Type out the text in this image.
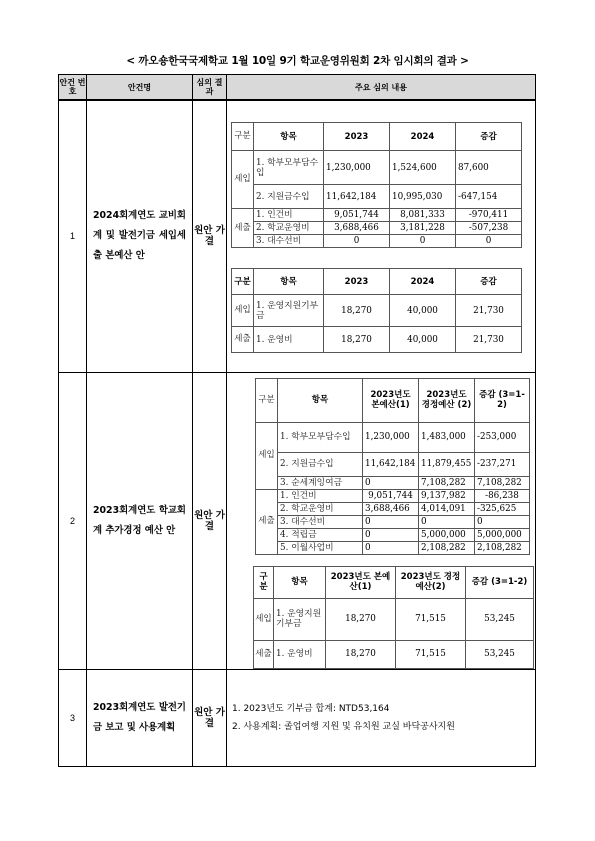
< 까오숑한국국제학교 1월 10일 9기 학교운영위원회 2차 임시회의 결과 >
안건 번호	안건명	심의 결과	주요 심의 내용
1	2024회계연도 교비회계 및 발전기금 세입세출 본예산 안	원안 가결	
구분	항목	2023	2024	증감
세입	1. 학부모부담수입	1,230,000	1,524,600	87,600
2. 지원금수입	11,642,184	10,995,030	-647,154
세출	1. 인건비	9,051,744	8,081,333	-970,411
2. 학교운영비	3,688,466	3,181,228	-507,238
3. 대수선비	0	0	0
구분	항목	2023	2024	증감
세입	1. 운영지원기부금	18,270	40,000	21,730
세출	1. 운영비	18,270	40,000	21,730

2	2023회계연도 학교회계 추가경정 예산 안	원안 가결	
구분	항목	2023년도 본예산(1)	2023년도 경정예산 (2)	증감 (3=1-2)
세입	1. 학부모부담수입	1,230,000	1,483,000	-253,000
2. 지원금수입	11,642,184	11,879,455	-237,271
3. 순세계잉여금	0	7,108,282	7,108,282
세출	1. 인건비	9,051,744	9,137,982	-86,238
2. 학교운영비	3,688,466	4,014,091	-325,625
3. 대수선비	0	0	0
4. 적립금	0	5,000,000	5,000,000
5. 이월사업비	0	2,108,282	2,108,282
구분	항목	2023년도 본예산(1)	2023년도 경정예산(2)	증감 (3=1-2)
세입	1. 운영지원기부금	18,270	71,515	53,245
세출	1. 운영비	18,270	71,515	53,245

3	2023회계연도 발전기금 보고 및 사용계획	원안 가결	
1. 2023년도 기부금 합계: NTD53,164
2. 사용계획: 졸업여행 지원 및 유치원 교실 바닥공사지원
